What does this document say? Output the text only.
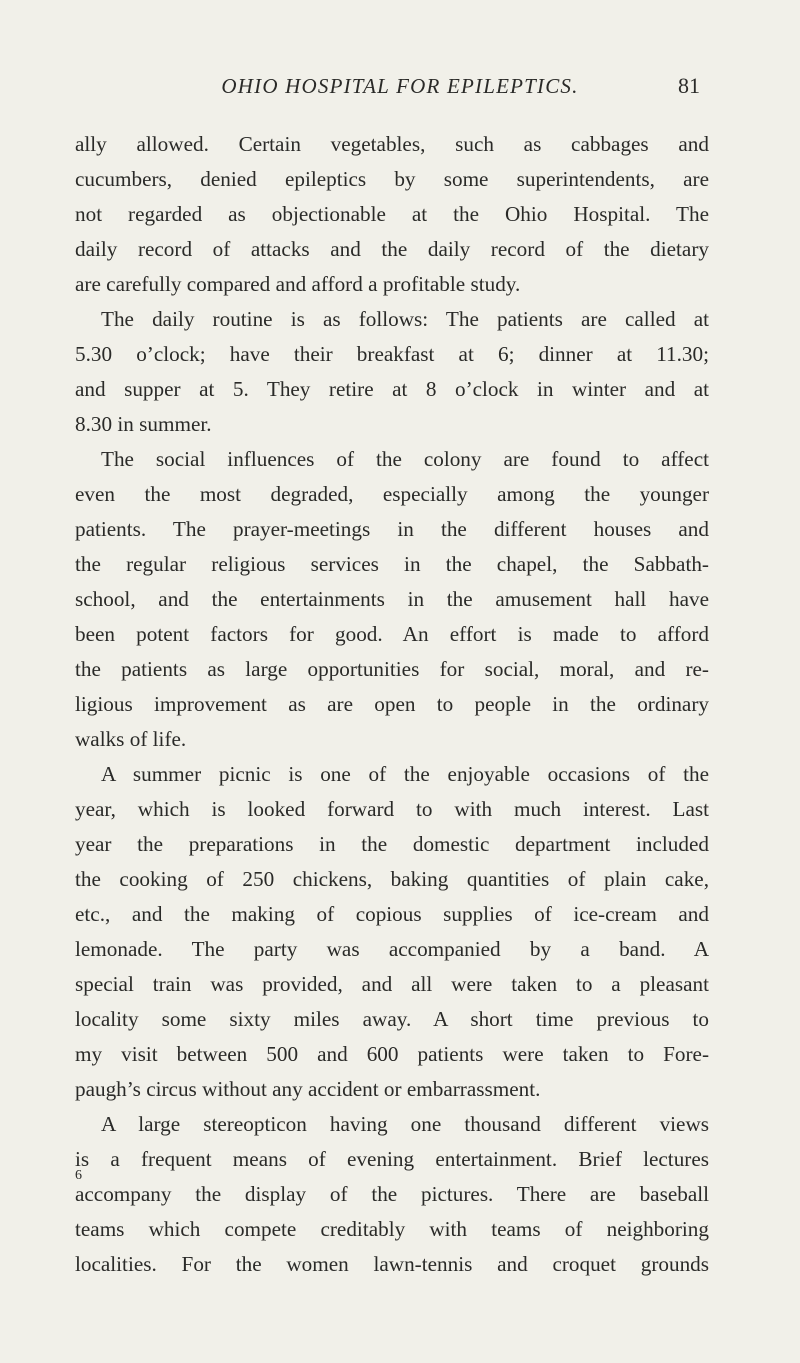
OHIO HOSPITAL FOR EPILEPTICS.	81
ally allowed. Certain vegetables, such as cabbages and
cucumbers, denied epileptics by some superintendents, are
not regarded as objectionable at the Ohio Hospital. The
daily record of attacks and the daily record of the dietary
are carefully compared and afford a profitable study.
The daily routine is as follows: The patients are called at
5.30 o’clock; have their breakfast at 6; dinner at 11.30;
and supper at 5. They retire at 8 o’clock in winter and at
8.30 in summer.
The social influences of the colony are found to affect
even the most degraded, especially among the younger
patients. The prayer-meetings in the different houses and
the regular religious services in the chapel, the Sabbath-
school, and the entertainments in the amusement hall have
been potent factors for good. An effort is made to afford
the patients as large opportunities for social, moral, and re-
ligious improvement as are open to people in the ordinary
walks of life.
A summer picnic is one of the enjoyable occasions of the
year, which is looked forward to with much interest. Last
year the preparations in the domestic department included
the cooking of 250 chickens, baking quantities of plain cake,
etc., and the making of copious supplies of ice-cream and
lemonade. The party was accompanied by a band. A
special train was provided, and all were taken to a pleasant
locality some sixty miles away. A short time previous to
my visit between 500 and 600 patients were taken to Fore-
paugh’s circus without any accident or embarrassment.
A large stereopticon having one thousand different views
is a frequent means of evening entertainment. Brief lectures
accompany the display of the pictures. There are baseball
teams which compete creditably with teams of neighboring
localities. For the women lawn-tennis and croquet grounds
6
